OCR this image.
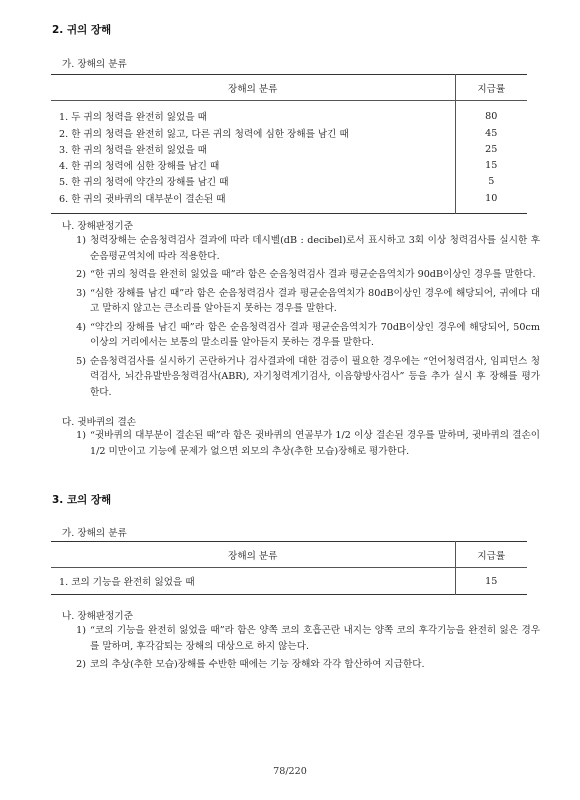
2. 귀의 장해

가. 장해의 분류

장해의 분류	지급률
1. 두 귀의 청력을 완전히 잃었을 때	80
2. 한 귀의 청력을 완전히 잃고, 다른 귀의 청력에 심한 장해를 남긴 때	45
3. 한 귀의 청력을 완전히 잃었을 때	25
4. 한 귀의 청력에 심한 장해를 남긴 때	15
5. 한 귀의 청력에 약간의 장해를 남긴 때	5
6. 한 귀의 귓바퀴의 대부분이 결손된 때	10

나. 장해판정기준

1) 청력장해는 순음청력검사 결과에 따라 데시벨(dB : decibel)로서 표시하고 3회 이상 청력검사를 실시한 후 순음평균역치에 따라 적용한다.
2) “한 귀의 청력을 완전히 잃었을 때”라 함은 순음청력검사 결과 평균순음역치가 90dB이상인 경우를 말한다.
3) “심한 장해를 남긴 때”라 함은 순음청력검사 결과 평균순음역치가 80dB이상인 경우에 해당되어, 귀에다 대고 말하지 않고는 큰소리를 알아듣지 못하는 경우를 말한다.
4) “약간의 장해를 남긴 때”라 함은 순음청력검사 결과 평균순음역치가 70dB이상인 경우에 해당되어, 50cm이상의 거리에서는 보통의 말소리를 알아듣지 못하는 경우를 말한다.
5) 순음청력검사를 실시하기 곤란하거나 검사결과에 대한 검증이 필요한 경우에는 “언어청력검사, 임피던스 청력검사, 뇌간유발반응청력검사(ABR), 자기청력계기검사, 이음향방사검사” 등을 추가 실시 후 장해를 평가한다.

다. 귓바퀴의 결손

1) “귓바퀴의 대부분이 결손된 때”라 함은 귓바퀴의 연골부가 1/2 이상 결손된 경우를 말하며, 귓바퀴의 결손이 1/2 미만이고 기능에 문제가 없으면 외모의 추상(추한 모습)장해로 평가한다.
3. 코의 장해

가. 장해의 분류

장해의 분류	지급률
1. 코의 기능을 완전히 잃었을 때	15

나. 장해판정기준

1) “코의 기능을 완전히 잃었을 때”라 함은 양쪽 코의 호흡곤란 내지는 양쪽 코의 후각기능을 완전히 잃은 경우를 말하며, 후각감퇴는 장해의 대상으로 하지 않는다.
2) 코의 추상(추한 모습)장해를 수반한 때에는 기능 장해와 각각 합산하여 지급한다.
78/220
